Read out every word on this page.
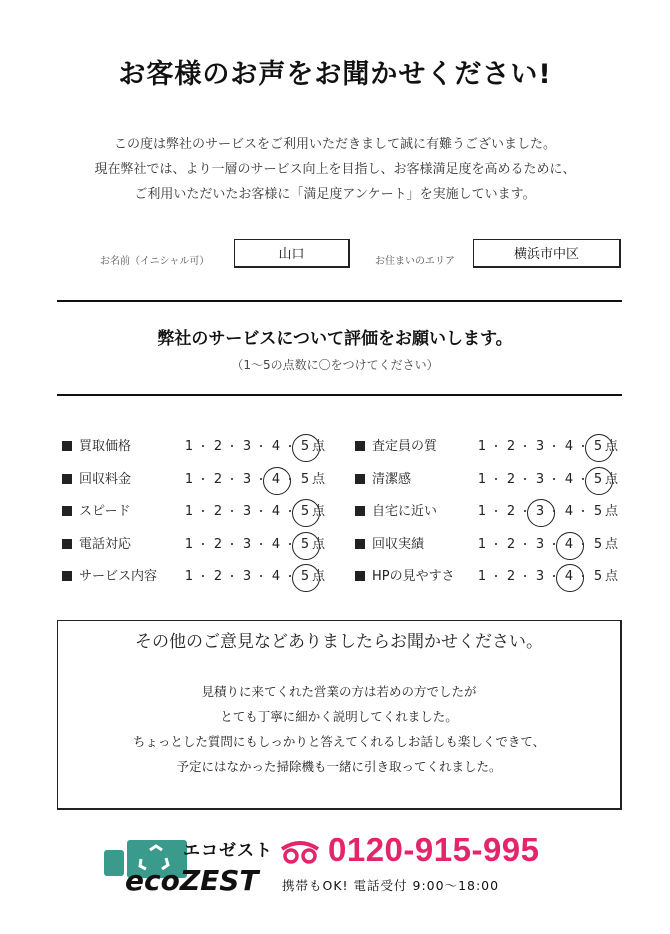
お客様のお声をお聞かせください!
この度は弊社のサービスをご利用いただきまして誠に有難うございました。
現在弊社では、より一層のサービス向上を目指し、お客様満足度を高めるために、
ご利用いただいたお客様に「満足度アンケート」を実施しています。
お名前（イニシャル可）	山口	お住まいのエリア	横浜市中区
弊社のサービスについて評価をお願いします。
（1〜5の点数に〇をつけてください）
買取価格	1 ･ 2 ･ 3 ･ 4 ･ 5 点
回収料金	1 ･ 2 ･ 3 ･ 4 ･ 5 点
スピード	1 ･ 2 ･ 3 ･ 4 ･ 5 点
電話対応	1 ･ 2 ･ 3 ･ 4 ･ 5 点
サービス内容 1 ･ 2 ･ 3 ･ 4 ･ 5 点
査定員の質	1 ･ 2 ･ 3 ･ 4 ･ 5 点
清潔感	1 ･ 2 ･ 3 ･ 4 ･ 5 点
自宅に近い	1 ･ 2 ･ 3 ･ 4 ･ 5 点
回収実績	1 ･ 2 ･ 3 ･ 4 ･ 5 点
HPの見やすさ 1 ･ 2 ･ 3 ･ 4 ･ 5 点
その他のご意見などありましたらお聞かせください。
見積りに来てくれた営業の方は若めの方でしたが
とても丁寧に細かく説明してくれました。
ちょっとした質問にもしっかりと答えてくれるしお話しも楽しくできて、
予定にはなかった掃除機も一緒に引き取ってくれました。
エコゼスト
ecoZEST
0120-915-995
携帯もOK! 電話受付 9:00〜18:00
